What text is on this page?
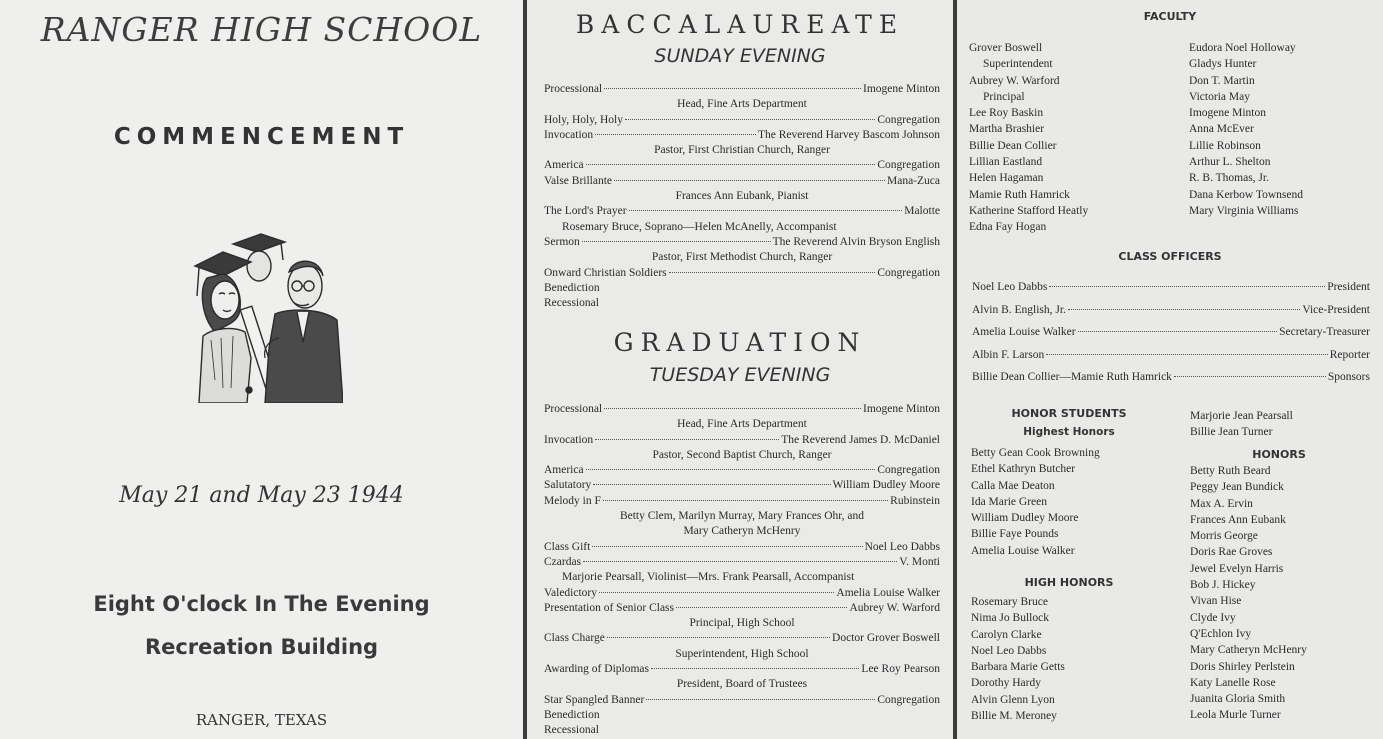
RANGER HIGH SCHOOL
COMMENCEMENT
May 21 and May 23 1944
Eight O'clock In The Evening
Recreation Building
RANGER, TEXAS
BACCALAUREATE
SUNDAY EVENING
Processional	Imogene Minton
Head, Fine Arts Department
Holy, Holy, Holy	Congregation
Invocation	The Reverend Harvey Bascom Johnson
Pastor, First Christian Church, Ranger
America	Congregation
Valse Brillante	Mana-Zuca
Frances Ann Eubank, Pianist
The Lord's Prayer	Malotte
Rosemary Bruce, Soprano—Helen McAnelly, Accompanist
Sermon	The Reverend Alvin Bryson English
Pastor, First Methodist Church, Ranger
Onward Christian Soldiers	Congregation
Benediction
Recessional
GRADUATION
TUESDAY EVENING
Processional	Imogene Minton
Head, Fine Arts Department
Invocation	The Reverend James D. McDaniel
Pastor, Second Baptist Church, Ranger
America	Congregation
Salutatory	William Dudley Moore
Melody in F	Rubinstein
Betty Clem, Marilyn Murray, Mary Frances Ohr, and
Mary Catheryn McHenry
Class Gift	Noel Leo Dabbs
Czardas	V. Monti
Marjorie Pearsall, Violinist—Mrs. Frank Pearsall, Accompanist
Valedictory	Amelia Louise Walker
Presentation of Senior Class	Aubrey W. Warford
Principal, High School
Class Charge	Doctor Grover Boswell
Superintendent, High School
Awarding of Diplomas	Lee Roy Pearson
President, Board of Trustees
Star Spangled Banner	Congregation
Benediction
Recessional
FACULTY
Grover Boswell
Superintendent
Aubrey W. Warford
Principal
Lee Roy Baskin
Martha Brashier
Billie Dean Collier
Lillian Eastland
Helen Hagaman
Mamie Ruth Hamrick
Katherine Stafford Heatly
Edna Fay Hogan
Eudora Noel Holloway
Gladys Hunter
Don T. Martin
Victoria May
Imogene Minton
Anna McEver
Lillie Robinson
Arthur L. Shelton
R. B. Thomas, Jr.
Dana Kerbow Townsend
Mary Virginia Williams
CLASS OFFICERS
Noel Leo Dabbs	President
Alvin B. English, Jr.	Vice-President
Amelia Louise Walker	Secretary-Treasurer
Albin F. Larson	Reporter
Billie Dean Collier—Mamie Ruth Hamrick	Sponsors
HONOR STUDENTS
Highest Honors
Betty Gean Cook Browning
Ethel Kathryn Butcher
Calla Mae Deaton
Ida Marie Green
William Dudley Moore
Billie Faye Pounds
Amelia Louise Walker
HIGH HONORS
Rosemary Bruce
Nima Jo Bullock
Carolyn Clarke
Noel Leo Dabbs
Barbara Marie Getts
Dorothy Hardy
Alvin Glenn Lyon
Billie M. Meroney
Marjorie Jean Pearsall
Billie Jean Turner
HONORS
Betty Ruth Beard
Peggy Jean Bundick
Max A. Ervin
Frances Ann Eubank
Morris George
Doris Rae Groves
Jewel Evelyn Harris
Bob J. Hickey
Vivan Hise
Clyde Ivy
Q'Echlon Ivy
Mary Catheryn McHenry
Doris Shirley Perlstein
Katy Lanelle Rose
Juanita Gloria Smith
Leola Murle Turner
